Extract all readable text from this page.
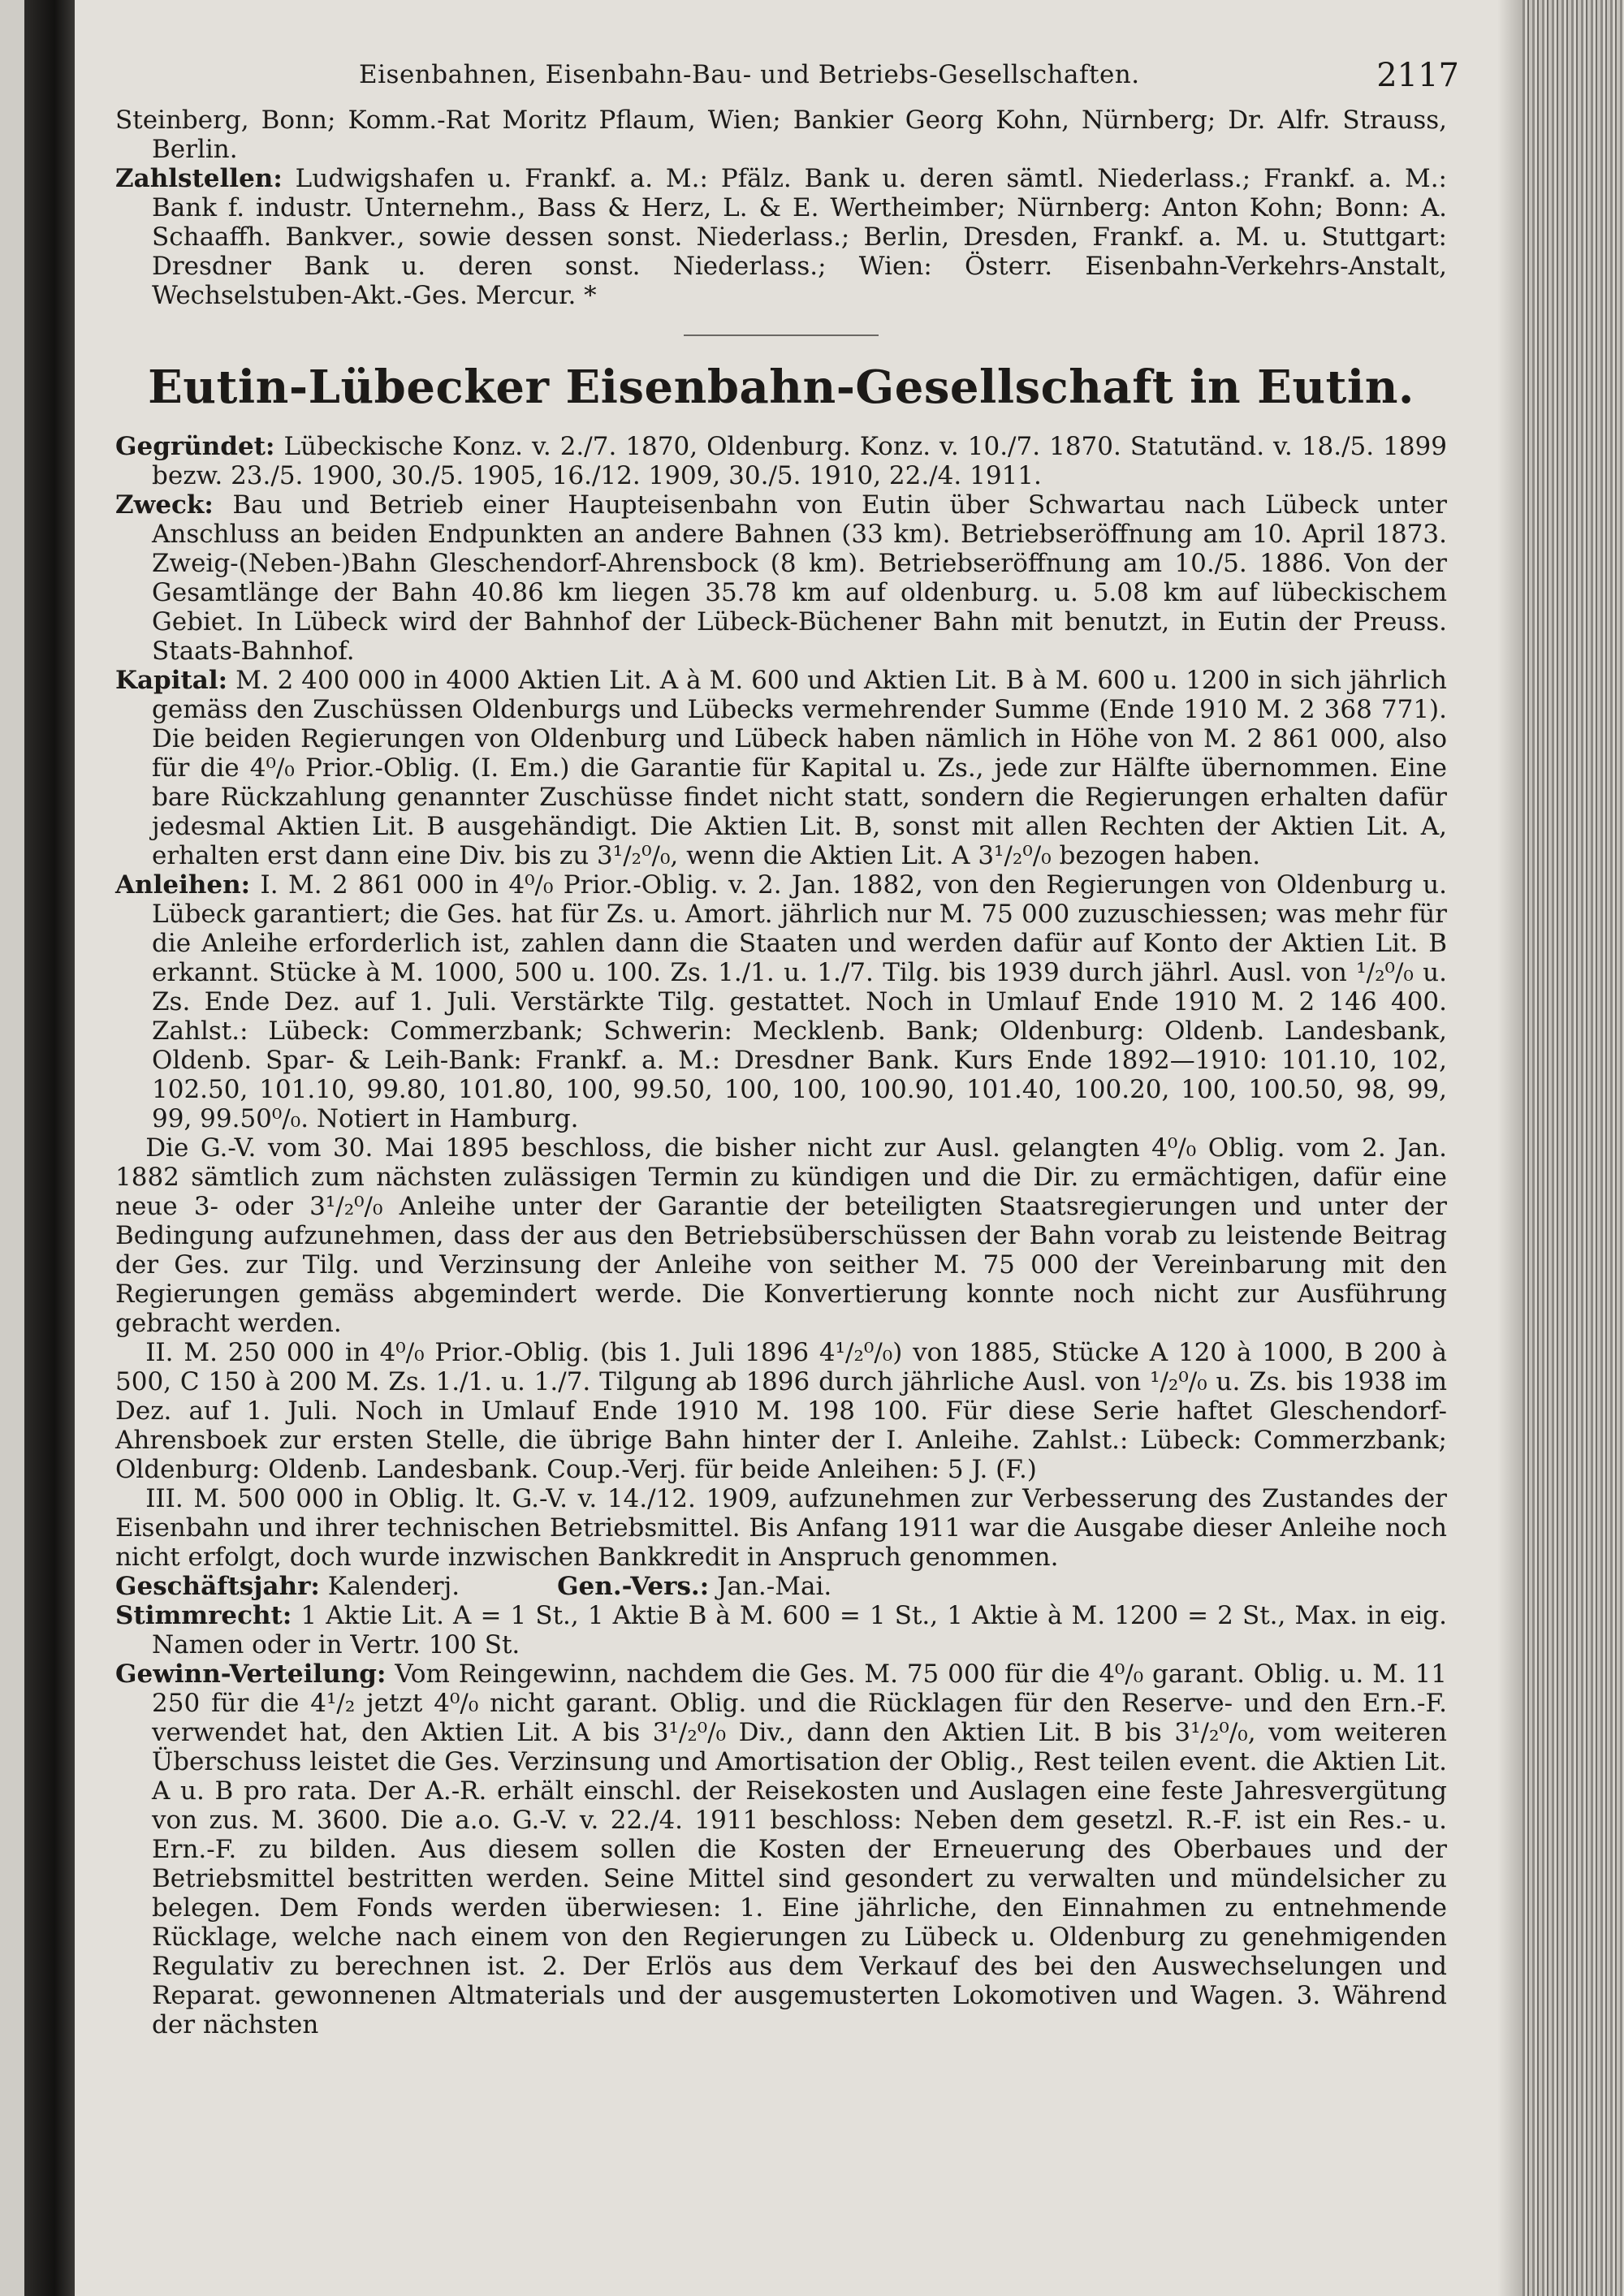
Eisenbahnen, Eisenbahn-Bau- und Betriebs-Gesellschaften.	2117

Steinberg, Bonn; Komm.-Rat Moritz Pflaum, Wien; Bankier Georg Kohn, Nürnberg; Dr. Alfr. Strauss, Berlin.

Zahlstellen: Ludwigshafen u. Frankf. a. M.: Pfälz. Bank u. deren sämtl. Niederlass.; Frankf. a. M.: Bank f. industr. Unternehm., Bass & Herz, L. & E. Wertheimber; Nürnberg: Anton Kohn; Bonn: A. Schaaffh. Bankver., sowie dessen sonst. Niederlass.; Berlin, Dresden, Frankf. a. M. u. Stuttgart: Dresdner Bank u. deren sonst. Niederlass.; Wien: Österr. Eisenbahn-Verkehrs-Anstalt, Wechselstuben-Akt.-Ges. Mercur. *

Eutin-Lübecker Eisenbahn-Gesellschaft in Eutin.

Gegründet: Lübeckische Konz. v. 2./7. 1870, Oldenburg. Konz. v. 10./7. 1870. Statutänd. v. 18./5. 1899 bezw. 23./5. 1900, 30./5. 1905, 16./12. 1909, 30./5. 1910, 22./4. 1911.

Zweck: Bau und Betrieb einer Haupteisenbahn von Eutin über Schwartau nach Lübeck unter Anschluss an beiden Endpunkten an andere Bahnen (33 km). Betriebseröffnung am 10. April 1873. Zweig-(Neben-)Bahn Gleschendorf-Ahrensbock (8 km). Betriebseröffnung am 10./5. 1886. Von der Gesamtlänge der Bahn 40.86 km liegen 35.78 km auf oldenburg. u. 5.08 km auf lübeckischem Gebiet. In Lübeck wird der Bahnhof der Lübeck-Büchener Bahn mit benutzt, in Eutin der Preuss. Staats-Bahnhof.

Kapital: M. 2 400 000 in 4000 Aktien Lit. A à M. 600 und Aktien Lit. B à M. 600 u. 1200 in sich jährlich gemäss den Zuschüssen Oldenburgs und Lübecks vermehrender Summe (Ende 1910 M. 2 368 771). Die beiden Regierungen von Oldenburg und Lübeck haben nämlich in Höhe von M. 2 861 000, also für die 4⁰/₀ Prior.-Oblig. (I. Em.) die Garantie für Kapital u. Zs., jede zur Hälfte übernommen. Eine bare Rückzahlung genannter Zuschüsse findet nicht statt, sondern die Regierungen erhalten dafür jedesmal Aktien Lit. B ausgehändigt. Die Aktien Lit. B, sonst mit allen Rechten der Aktien Lit. A, erhalten erst dann eine Div. bis zu 3¹/₂⁰/₀, wenn die Aktien Lit. A 3¹/₂⁰/₀ bezogen haben.

Anleihen: I. M. 2 861 000 in 4⁰/₀ Prior.-Oblig. v. 2. Jan. 1882, von den Regierungen von Oldenburg u. Lübeck garantiert; die Ges. hat für Zs. u. Amort. jährlich nur M. 75 000 zuzuschiessen; was mehr für die Anleihe erforderlich ist, zahlen dann die Staaten und werden dafür auf Konto der Aktien Lit. B erkannt. Stücke à M. 1000, 500 u. 100. Zs. 1./1. u. 1./7. Tilg. bis 1939 durch jährl. Ausl. von ¹/₂⁰/₀ u. Zs. Ende Dez. auf 1. Juli. Verstärkte Tilg. gestattet. Noch in Umlauf Ende 1910 M. 2 146 400. Zahlst.: Lübeck: Commerzbank; Schwerin: Mecklenb. Bank; Oldenburg: Oldenb. Landesbank, Oldenb. Spar- & Leih-Bank: Frankf. a. M.: Dresdner Bank. Kurs Ende 1892—1910: 101.10, 102, 102.50, 101.10, 99.80, 101.80, 100, 99.50, 100, 100, 100.90, 101.40, 100.20, 100, 100.50, 98, 99, 99, 99.50⁰/₀. Notiert in Hamburg.

Die G.-V. vom 30. Mai 1895 beschloss, die bisher nicht zur Ausl. gelangten 4⁰/₀ Oblig. vom 2. Jan. 1882 sämtlich zum nächsten zulässigen Termin zu kündigen und die Dir. zu ermächtigen, dafür eine neue 3- oder 3¹/₂⁰/₀ Anleihe unter der Garantie der beteiligten Staatsregierungen und unter der Bedingung aufzunehmen, dass der aus den Betriebsüberschüssen der Bahn vorab zu leistende Beitrag der Ges. zur Tilg. und Verzinsung der Anleihe von seither M. 75 000 der Vereinbarung mit den Regierungen gemäss abgemindert werde. Die Konvertierung konnte noch nicht zur Ausführung gebracht werden.

II. M. 250 000 in 4⁰/₀ Prior.-Oblig. (bis 1. Juli 1896 4¹/₂⁰/₀) von 1885, Stücke A 120 à 1000, B 200 à 500, C 150 à 200 M. Zs. 1./1. u. 1./7. Tilgung ab 1896 durch jährliche Ausl. von ¹/₂⁰/₀ u. Zs. bis 1938 im Dez. auf 1. Juli. Noch in Umlauf Ende 1910 M. 198 100. Für diese Serie haftet Gleschendorf-Ahrensboek zur ersten Stelle, die übrige Bahn hinter der I. Anleihe. Zahlst.: Lübeck: Commerzbank; Oldenburg: Oldenb. Landesbank. Coup.-Verj. für beide Anleihen: 5 J. (F.)

III. M. 500 000 in Oblig. lt. G.-V. v. 14./12. 1909, aufzunehmen zur Verbesserung des Zustandes der Eisenbahn und ihrer technischen Betriebsmittel. Bis Anfang 1911 war die Ausgabe dieser Anleihe noch nicht erfolgt, doch wurde inzwischen Bankkredit in Anspruch genommen.

Geschäftsjahr: Kalenderj.	Gen.-Vers.: Jan.-Mai.

Stimmrecht: 1 Aktie Lit. A = 1 St., 1 Aktie B à M. 600 = 1 St., 1 Aktie à M. 1200 = 2 St., Max. in eig. Namen oder in Vertr. 100 St.

Gewinn-Verteilung: Vom Reingewinn, nachdem die Ges. M. 75 000 für die 4⁰/₀ garant. Oblig. u. M. 11 250 für die 4¹/₂ jetzt 4⁰/₀ nicht garant. Oblig. und die Rücklagen für den Reserve- und den Ern.-F. verwendet hat, den Aktien Lit. A bis 3¹/₂⁰/₀ Div., dann den Aktien Lit. B bis 3¹/₂⁰/₀, vom weiteren Überschuss leistet die Ges. Verzinsung und Amortisation der Oblig., Rest teilen event. die Aktien Lit. A u. B pro rata. Der A.-R. erhält einschl. der Reisekosten und Auslagen eine feste Jahresvergütung von zus. M. 3600. Die a.o. G.-V. v. 22./4. 1911 beschloss: Neben dem gesetzl. R.-F. ist ein Res.- u. Ern.-F. zu bilden. Aus diesem sollen die Kosten der Erneuerung des Oberbaues und der Betriebsmittel bestritten werden. Seine Mittel sind gesondert zu verwalten und mündelsicher zu belegen. Dem Fonds werden überwiesen: 1. Eine jährliche, den Einnahmen zu entnehmende Rücklage, welche nach einem von den Regierungen zu Lübeck u. Oldenburg zu genehmigenden Regulativ zu berechnen ist. 2. Der Erlös aus dem Verkauf des bei den Auswechselungen und Reparat. gewonnenen Altmaterials und der ausgemusterten Lokomotiven und Wagen. 3. Während der nächsten
